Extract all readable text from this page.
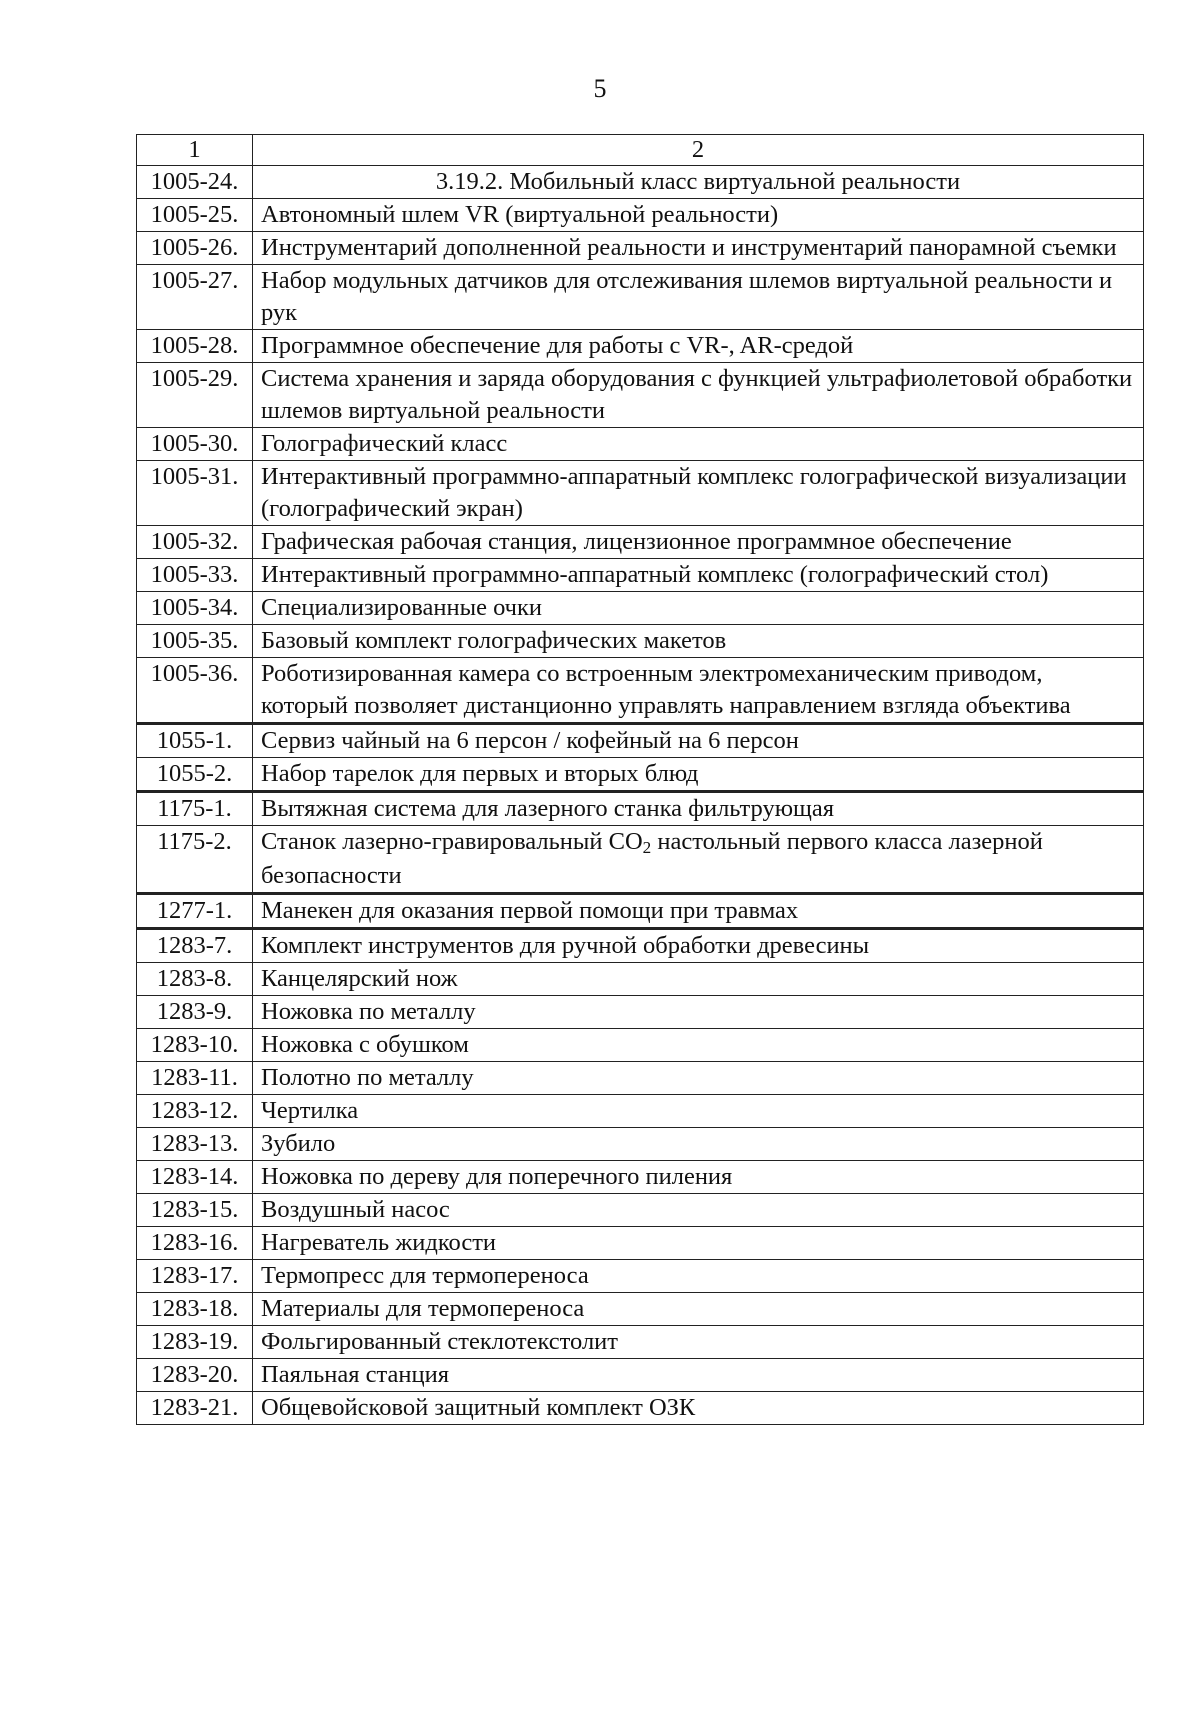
5
1	2
1005-24.	3.19.2. Мобильный класс виртуальной реальности
1005-25.	Автономный шлем VR (виртуальной реальности)
1005-26.	Инструментарий дополненной реальности и инструментарий панорамной съемки
1005-27.	Набор модульных датчиков для отслеживания шлемов виртуальной реальности и рук
1005-28.	Программное обеспечение для работы с VR-, AR-средой
1005-29.	Система хранения и заряда оборудования с функцией ультрафиолетовой обработки шлемов виртуальной реальности
1005-30.	Голографический класс
1005-31.	Интерактивный программно-аппаратный комплекс голографической визуализации (голографический экран)
1005-32.	Графическая рабочая станция, лицензионное программное обеспечение
1005-33.	Интерактивный программно-аппаратный комплекс (голографический стол)
1005-34.	Специализированные очки
1005-35.	Базовый комплект голографических макетов
1005-36.	Роботизированная камера со встроенным электромеханическим приводом, который позволяет дистанционно управлять направлением взгляда объектива
1055-1.	Сервиз чайный на 6 персон / кофейный на 6 персон
1055-2.	Набор тарелок для первых и вторых блюд
1175-1.	Вытяжная система для лазерного станка фильтрующая
1175-2.	Станок лазерно-гравировальный $CO_2$ настольный первого класса лазерной безопасности
1277-1.	Манекен для оказания первой помощи при травмах
1283-7.	Комплект инструментов для ручной обработки древесины
1283-8.	Канцелярский нож
1283-9.	Ножовка по металлу
1283-10.	Ножовка с обушком
1283-11.	Полотно по металлу
1283-12.	Чертилка
1283-13.	Зубило
1283-14.	Ножовка по дереву для поперечного пиления
1283-15.	Воздушный насос
1283-16.	Нагреватель жидкости
1283-17.	Термопресс для термопереноса
1283-18.	Материалы для термопереноса
1283-19.	Фольгированный стеклотекстолит
1283-20.	Паяльная станция
1283-21.	Общевойсковой защитный комплект ОЗК
